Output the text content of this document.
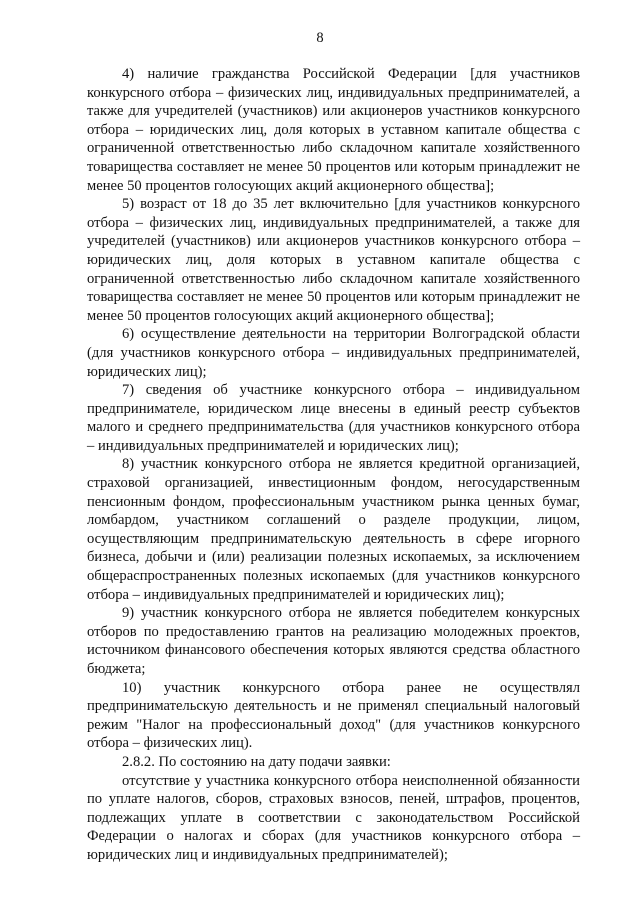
8

4) наличие гражданства Российской Федерации [для участников конкурсного отбора – физических лиц, индивидуальных предпринимателей, а также для учредителей (участников) или акционеров участников конкурсного отбора – юридических лиц, доля которых в уставном капитале общества с ограниченной ответственностью либо складочном капитале хозяйственного товарищества составляет не менее 50 процентов или которым принадлежит не менее 50 процентов голосующих акций акционерного общества];

5) возраст от 18 до 35 лет включительно [для участников конкурсного отбора – физических лиц, индивидуальных предпринимателей, а также для учредителей (участников) или акционеров участников конкурсного отбора – юридических лиц, доля которых в уставном капитале общества с ограниченной ответственностью либо складочном капитале хозяйственного товарищества составляет не менее 50 процентов или которым принадлежит не менее 50 процентов голосующих акций акционерного общества];

6) осуществление деятельности на территории Волгоградской области (для участников конкурсного отбора – индивидуальных предпринимателей, юридических лиц);

7) сведения об участнике конкурсного отбора – индивидуальном предпринимателе, юридическом лице внесены в единый реестр субъектов малого и среднего предпринимательства (для участников конкурсного отбора – индивидуальных предпринимателей и юридических лиц);

8) участник конкурсного отбора не является кредитной организацией, страховой организацией, инвестиционным фондом, негосударственным пенсионным фондом, профессиональным участником рынка ценных бумаг, ломбардом, участником соглашений о разделе продукции, лицом, осуществляющим предпринимательскую деятельность в сфере игорного бизнеса, добычи и (или) реализации полезных ископаемых, за исключением общераспространенных полезных ископаемых (для участников конкурсного отбора – индивидуальных предпринимателей и юридических лиц);

9) участник конкурсного отбора не является победителем конкурсных отборов по предоставлению грантов на реализацию молодежных проектов, источником финансового обеспечения которых являются средства областного бюджета;

10) участник конкурсного отбора ранее не осуществлял предпринимательскую деятельность и не применял специальный налоговый режим "Налог на профессиональный доход" (для участников конкурсного отбора – физических лиц).

2.8.2. По состоянию на дату подачи заявки:

отсутствие у участника конкурсного отбора неисполненной обязанности по уплате налогов, сборов, страховых взносов, пеней, штрафов, процентов, подлежащих уплате в соответствии с законодательством Российской Федерации о налогах и сборах (для участников конкурсного отбора – юридических лиц и индивидуальных предпринимателей);
